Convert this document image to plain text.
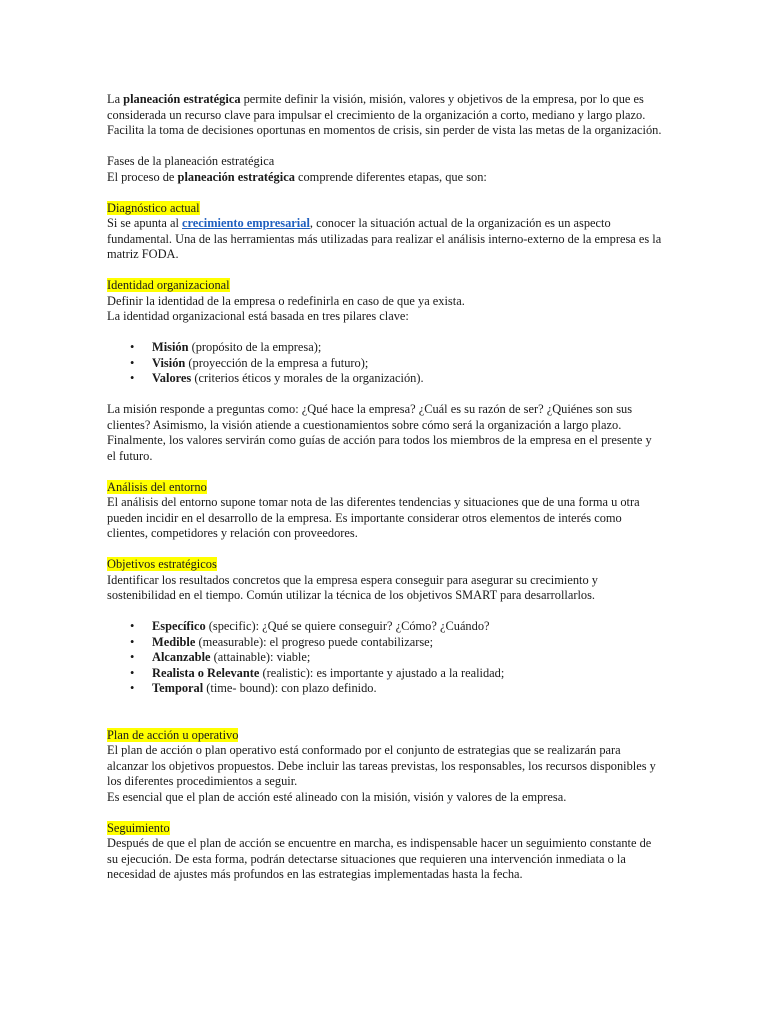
La planeación estratégica permite definir la visión, misión, valores y objetivos de la empresa, por lo que es considerada un recurso clave para impulsar el crecimiento de la organización a corto, mediano y largo plazo. Facilita la toma de decisiones oportunas en momentos de crisis, sin perder de vista las metas de la organización.

Fases de la planeación estratégica

El proceso de planeación estratégica comprende diferentes etapas, que son:

Diagnóstico actual

Si se apunta al crecimiento empresarial, conocer la situación actual de la organización es un aspecto fundamental. Una de las herramientas más utilizadas para realizar el análisis interno-externo de la empresa es la matriz FODA.

Identidad organizacional

Definir la identidad de la empresa o redefinirla en caso de que ya exista.

La identidad organizacional está basada en tres pilares clave:

• Misión (propósito de la empresa);
• Visión (proyección de la empresa a futuro);
• Valores (criterios éticos y morales de la organización).

La misión responde a preguntas como: ¿Qué hace la empresa? ¿Cuál es su razón de ser? ¿Quiénes son sus clientes? Asimismo, la visión atiende a cuestionamientos sobre cómo será la organización a largo plazo. Finalmente, los valores servirán como guías de acción para todos los miembros de la empresa en el presente y el futuro.

Análisis del entorno

El análisis del entorno supone tomar nota de las diferentes tendencias y situaciones que de una forma u otra pueden incidir en el desarrollo de la empresa. Es importante considerar otros elementos de interés como clientes, competidores y relación con proveedores.

Objetivos estratégicos

Identificar los resultados concretos que la empresa espera conseguir para asegurar su crecimiento y sostenibilidad en el tiempo. Común utilizar la técnica de los objetivos SMART para desarrollarlos.

• Específico (specific): ¿Qué se quiere conseguir? ¿Cómo? ¿Cuándo?
• Medible (measurable): el progreso puede contabilizarse;
• Alcanzable (attainable): viable;
• Realista o Relevante (realistic): es importante y ajustado a la realidad;
• Temporal (time- bound): con plazo definido.

Plan de acción u operativo

El plan de acción o plan operativo está conformado por el conjunto de estrategias que se realizarán para alcanzar los objetivos propuestos. Debe incluir las tareas previstas, los responsables, los recursos disponibles y los diferentes procedimientos a seguir.

Es esencial que el plan de acción esté alineado con la misión, visión y valores de la empresa.

Seguimiento

Después de que el plan de acción se encuentre en marcha, es indispensable hacer un seguimiento constante de su ejecución. De esta forma, podrán detectarse situaciones que requieren una intervención inmediata o la necesidad de ajustes más profundos en las estrategias implementadas hasta la fecha.
